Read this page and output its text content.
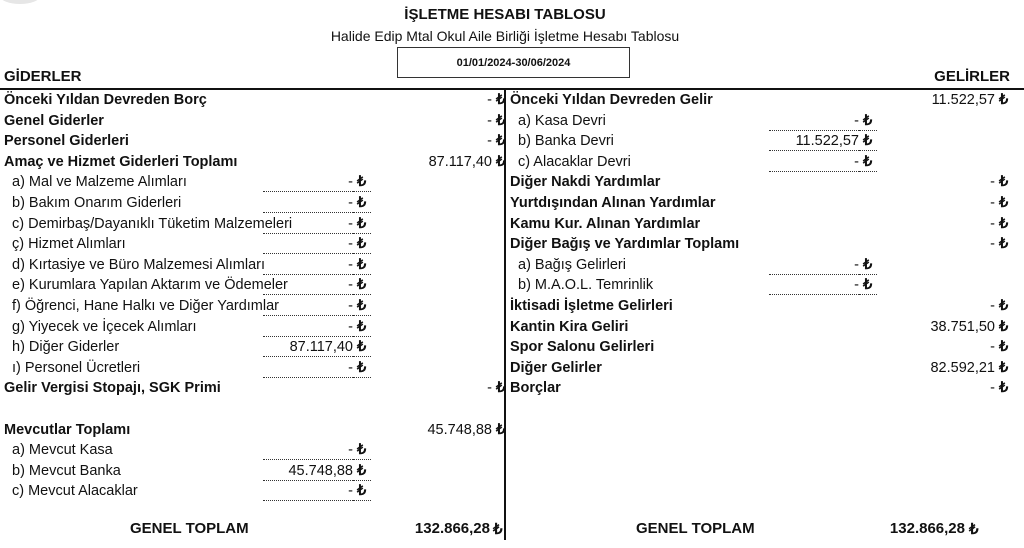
İŞLETME HESABI TABLOSU
Halide Edip Mtal Okul Aile Birliği İşletme Hesabı Tablosu
01/01/2024-30/06/2024
GİDERLER	GELİRLER
Önceki Yıldan Devreden Borç	- ₺
Genel Giderler	- ₺
Personel Giderleri	- ₺
Amaç ve Hizmet Giderleri Toplamı	87.117,40 ₺
a) Mal ve Malzeme Alımları	- ₺
b) Bakım Onarım Giderleri	- ₺
c) Demirbaş/Dayanıklı Tüketim Malzemeleri	- ₺
ç) Hizmet Alımları	- ₺
d) Kırtasiye ve Büro Malzemesi Alımları	- ₺
e) Kurumlara Yapılan Aktarım ve Ödemeler	- ₺
f) Öğrenci, Hane Halkı ve Diğer Yardımlar	- ₺
g) Yiyecek ve İçecek Alımları	- ₺
h) Diğer Giderler	87.117,40 ₺
ı) Personel Ücretleri	- ₺
Gelir Vergisi Stopajı, SGK Primi	- ₺
Mevcutlar Toplamı	45.748,88 ₺
a) Mevcut Kasa	- ₺
b) Mevcut Banka	45.748,88 ₺
c) Mevcut Alacaklar	- ₺
Önceki Yıldan Devreden Gelir	11.522,57 ₺
a) Kasa Devri	- ₺
b) Banka Devri	11.522,57 ₺
c) Alacaklar Devri	- ₺
Diğer Nakdi Yardımlar	- ₺
Yurtdışından Alınan Yardımlar	- ₺
Kamu Kur. Alınan Yardımlar	- ₺
Diğer Bağış ve Yardımlar Toplamı	- ₺
a) Bağış Gelirleri	- ₺
b) M.A.O.L. Temrinlik	- ₺
İktisadi İşletme Gelirleri	- ₺
Kantin Kira Geliri	38.751,50 ₺
Spor Salonu Gelirleri	- ₺
Diğer Gelirler	82.592,21 ₺
Borçlar	- ₺
GENEL TOPLAM	132.866,28 ₺	GENEL TOPLAM	132.866,28 ₺
